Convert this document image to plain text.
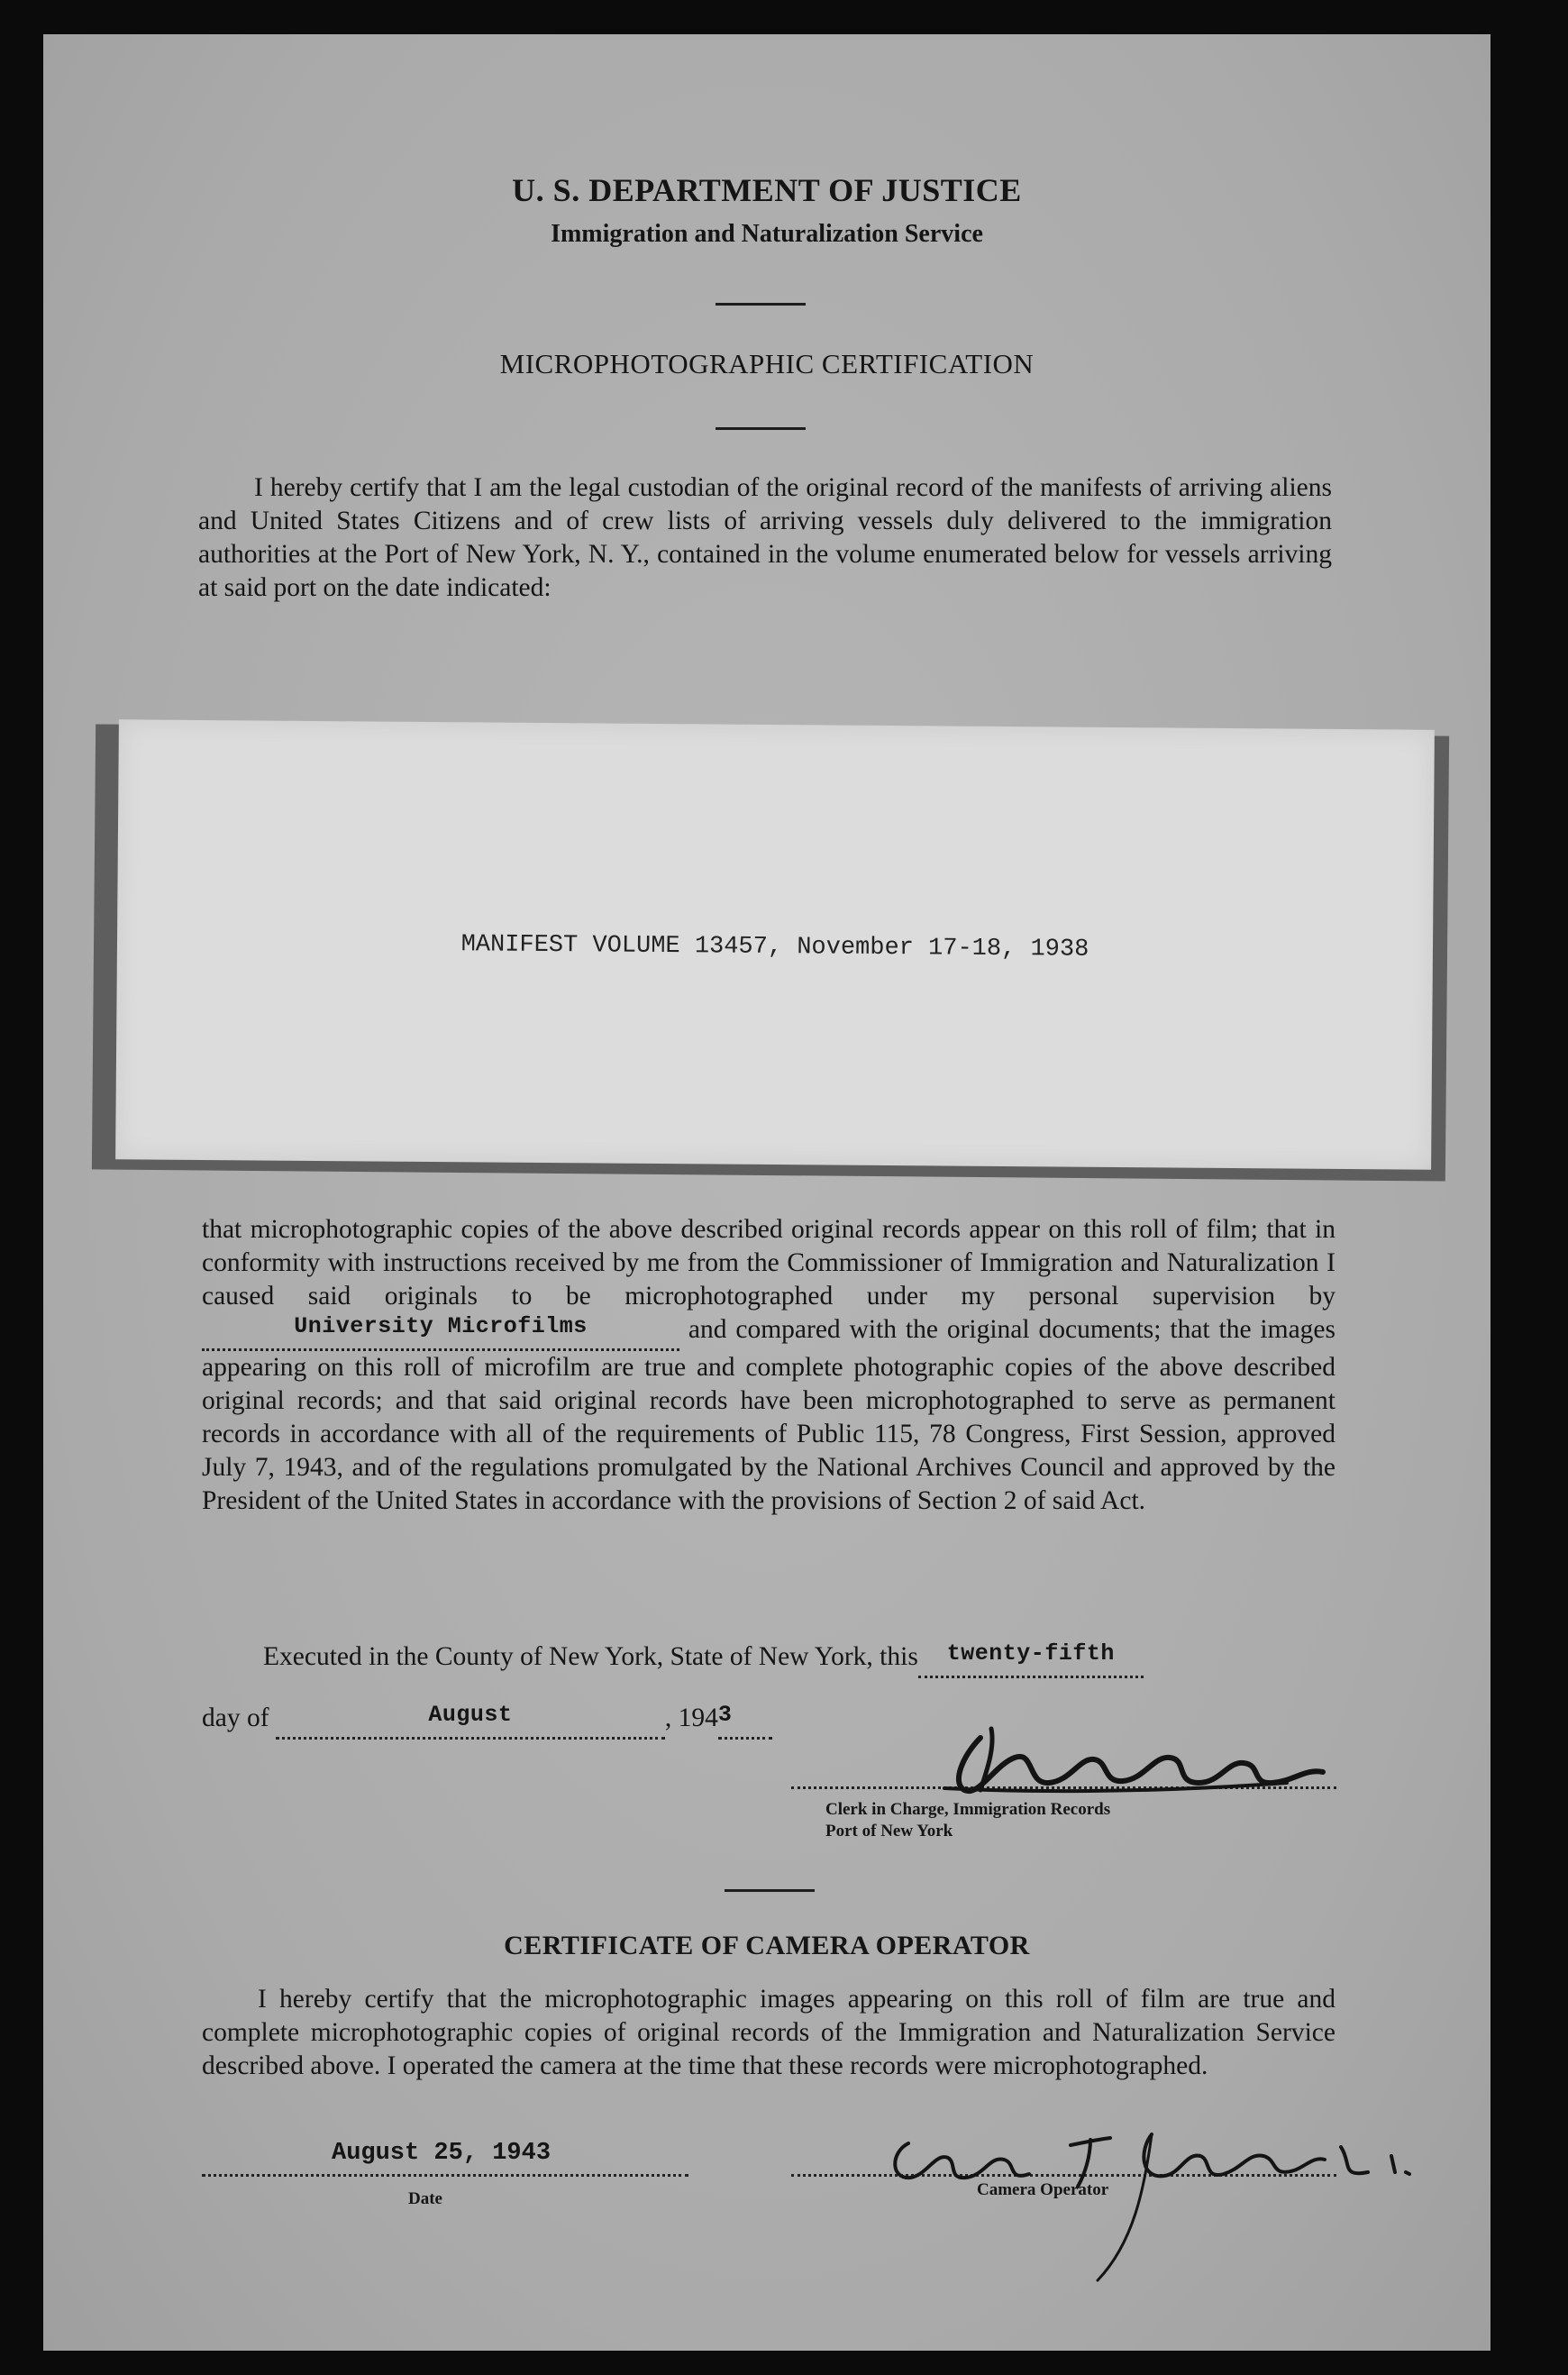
U. S. DEPARTMENT OF JUSTICE
Immigration and Naturalization Service
MICROPHOTOGRAPHIC CERTIFICATION

I hereby certify that I am the legal custodian of the original record of the manifests of arriving aliens and United States Citizens and of crew lists of arriving vessels duly delivered to the immigration authorities at the Port of New York, N. Y., contained in the volume enumerated below for vessels arriving at said port on the date indicated:

MANIFEST VOLUME 13457, November 17-18, 1938

that microphotographic copies of the above described original records appear on this roll of film; that in conformity with instructions received by me from the Commissioner of Immigration and Naturalization I caused said originals to be microphotographed under my personal supervision by $^{University Microfilms}$	and compared with the original documents; that the images appearing on this roll of microfilm are true and complete photographic copies of the above described original records; and that said original records have been microphotographed to serve as permanent records in accordance with all of the requirements of Public 115, 78 Congress, First Session, approved July 7, 1943, and of the regulations promulgated by the National Archives Council and approved by the President of the United States in accordance with the provisions of Section 2 of said Act.

Executed in the County of New York, State of New York, this $^{twenty-fifth}$
day of	$^{August}$	, $194^3$
Clerk in Charge, Immigration Records
Port of New York
CERTIFICATE OF CAMERA OPERATOR

I hereby certify that the microphotographic images appearing on this roll of film are true and complete microphotographic copies of original records of the Immigration and Naturalization Service described above. I operated the camera at the time that these records were microphotographed.

August 25, 1943
Date	Camera Operator
